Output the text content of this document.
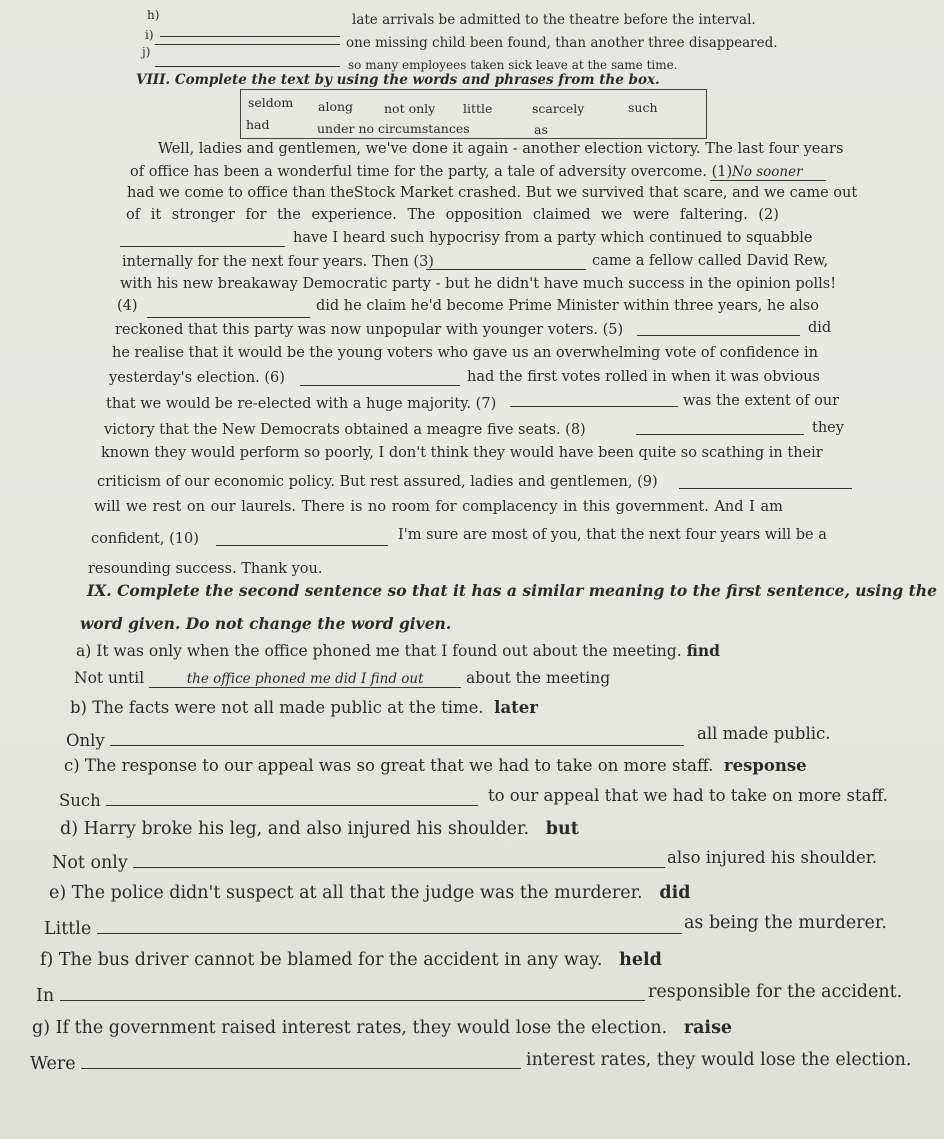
h)	late arrivals be admitted to the theatre before the interval.
i)	one missing child been found, than another three disappeared.
j)
so many employees taken sick leave at the same time.
VIII. Complete the text by using the words and phrases from the box.
seldom along not only little	scarcely	such
had	under no circumstances	as
Well, ladies and gentlemen, we've done it again - another election victory. The last four years
of office has been a wonderful time for the party, a tale of adversity overcome. (1) No sooner
had we come to office than theStock Market crashed. But we survived that scare, and we came out
of it stronger for the experience. The opposition claimed we were faltering. (2)
have I heard such hypocrisy from a party which continued to squabble
internally for the next four years. Then (3)	came a fellow called David Rew,
with his new breakaway Democratic party - but he didn't have much success in the opinion polls!
(4)	did he claim he'd become Prime Minister within three years, he also
reckoned that this party was now unpopular with younger voters. (5)	did
he realise that it would be the young voters who gave us an overwhelming vote of confidence in
yesterday's election. (6)	had the first votes rolled in when it was obvious
that we would be re-elected with a huge majority. (7)	was the extent of our
victory that the New Democrats obtained a meagre five seats. (8)	they
known they would perform so poorly, I don't think they would have been quite so scathing in their
criticism of our economic policy. But rest assured, ladies and gentlemen, (9)
will we rest on our laurels. There is no room for complacency in this government. And I am
confident, (10)	I'm sure are most of you, that the next four years will be a
resounding success. Thank you.
IX. Complete the second sentence so that it has a similar meaning to the first sentence, using the
word given. Do not change the word given.
a) It was only when the office phoned me that I found out about the meeting. find
Not until	the office phoned me did I find out	about the meeting
b) The facts were not all made public at the time. later
Only	all made public.
c) The response to our appeal was so great that we had to take on more staff. response
Such	to our appeal that we had to take on more staff.
d) Harry broke his leg, and also injured his shoulder. but
Not only	also injured his shoulder.
e) The police didn't suspect at all that the judge was the murderer. did
Little	as being the murderer.
f) The bus driver cannot be blamed for the accident in any way. held
In	responsible for the accident.
g) If the government raised interest rates, they would lose the election. raise
Were	interest rates, they would lose the election.
